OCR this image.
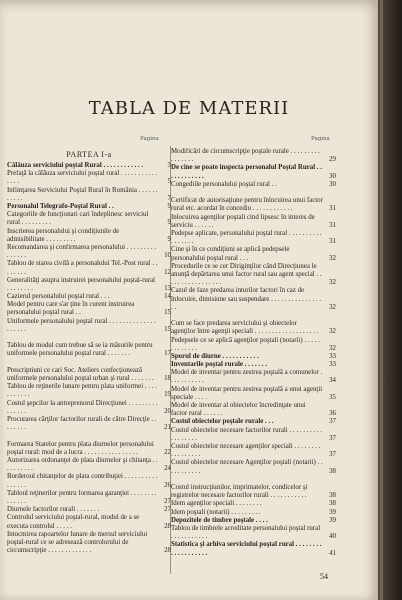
TABLA DE MATERII
Pagina	Pagina
PARTEA I-a
Câlăuza serviciului poştal Rural . . . . . . . . . . . .	3
Prefaţă la câlăuza serviciului poştal rural . . . . . . . . . . . . . . .	5
Înfiinţarea Serviciului Poştal Rural în România . . . . . . . . . . .	7
Personalul Telegrafo-Poştal Rural . .	9
Categoriile de funcţionari cari îndeplinesc serviciul rural . . . . . . . . .	9
Înscrierea personalului şi condiţiunile de admisibilitate . . . . . . . . .	9
Recomandarea şi confirmarea personalului . . . . . . . . . . . . . . .	10
Tablou de starea civilă a personalului Tel.-Post rural . . . . . . . .	12
Generalităţi asupra instruirei personalului poştal-rural . . . . . . . .	13
Cazierul personalului poştal rural . . .	14
Model pentru care s'ar ţine în curent instruirea personalului poştal rural . .	15
Uniformele personalului poştal rural . . . . . . . . . . . . . . . . . . . .	15
Tablou de modul cum trebue să se ia măsurile pentru uniformele personalului poştal rural . . . . . . .	17
Prescriptiuni ce cari Soc. Ateliers confecţionează uniformele personalului poştal urban şi rural . . . . . . .	18
Tablou de reţinerile lunare pentru plata uniformei . . . . . . . . . . .	19
Costul şepcilor la antreprenorul Direcţiunei . . . . . . . . . . . . . . .	20
Procurarea cărţilor factorilor rurali de către Direcţie . . . . . . . .	21
Formarea Statelor pentru plata diurnelor personalului poştal rural: mod de a lucra . . . . . . . . . . . . . . . .	22
Autorizarea ordonanţei de plata diurnelor şi chitanţa . . . . . . . . . .	24
Borderoul chitanţelor de plata contribuţiei . . . . . . . . . . . . . . . .	26
Tabloul reţinerilor pentru formarea garanţiei . . . . . . . . . . . . . .	27
Diurnele factorilor rurali . . . . . . .	27
Controlul serviciului poştal-rural, modul de a se executa controlul . . . . .	28
Întocmirea rapoartelor lunare de mersul serviciului poştal-rural ce se adresează controlorului de circumscripţie . . . . . . . . . . . . .	28
Modificări de circumscripţie poştale rurale . . . . . . . . . . . . . . . .	29
De cine se poate inspecta personalul Poştal Rural . . . . . . . . . . . .	30
Congediile personalului poştal rural . .	30
Certificat de autorisaţiune pentru înlocuirea unui factor rural etc. acordat în concediu . . . . . . . . . . . .	31
Înlocuirea agenţilor poştali cind lipsesc în interes de serviciu . . . . . .	31
Pedepse aplicate, personalului poştal rural . . . . . . . . . . . . . . . . .	31
Cine şi în ce condiţiuni se aplică pedepsele personalului poştal rural . . .	32
Procedurile ce se cer Diriginţilor când Direcţiunea le anunţă depărtarea unui factor rural sau agent special . . . . . . . . . . . . . . . . .	32
Cazul de faze predarea inturilor factori în caz de înlocuire, dimisiune sau suspendare . . . . . . . . . . . . . . . . .	32
Cum se face predarea serviciului şi obiectelor agenţilor între agenţii speciali . . . . . . . . . . . . . . . . . . .	32
Pedepsele ce se aplică agenţilor poştali (notarii) . . . . . . . . . . . . .	32
Sporul de diurne . . . . . . . . . . .	33
Inventarile poştal rurale . . . . . . .	33
Model de inventar pentru zestrea poştală a comunelor . . . . . . . . . . .	34
Model de inventar pentru zestrea poştală a unui agenţii speciale . . . .	35
Model de inventar al obiectelor încredinţate unui factor rural . . . . . .	36
Costul obiectelor poştale rurale . . .	37
Costul obiectelor necesare factorilor rurali . . . . . . . . . . . . . . . . . .	37
Costul obiectelor necesare agenţilor speciali . . . . . . . . . . . . . . . . .	37
Costul obiectelor necesare Agenţilor poştali (notarii) . . . . . . . . . . .	38
Costul instrucţiunilor, imprimatelor, condicelor şi registrelor necesare factorilor rurali . . . . . . . . . . .	38
Idem agenţilor speciali . . . . . . . .	38
Idem poştali (notarii) . . . . . . . . .	39
Depozitele de timbre poştale . . . .	39
Tablou de timbrele acreditate personalului poştal rural . . . . . . . . . . .	40
Statistica şi arhiva serviciului poştal rural . . . . . . . . . . . . . . . . . . .	41
54
